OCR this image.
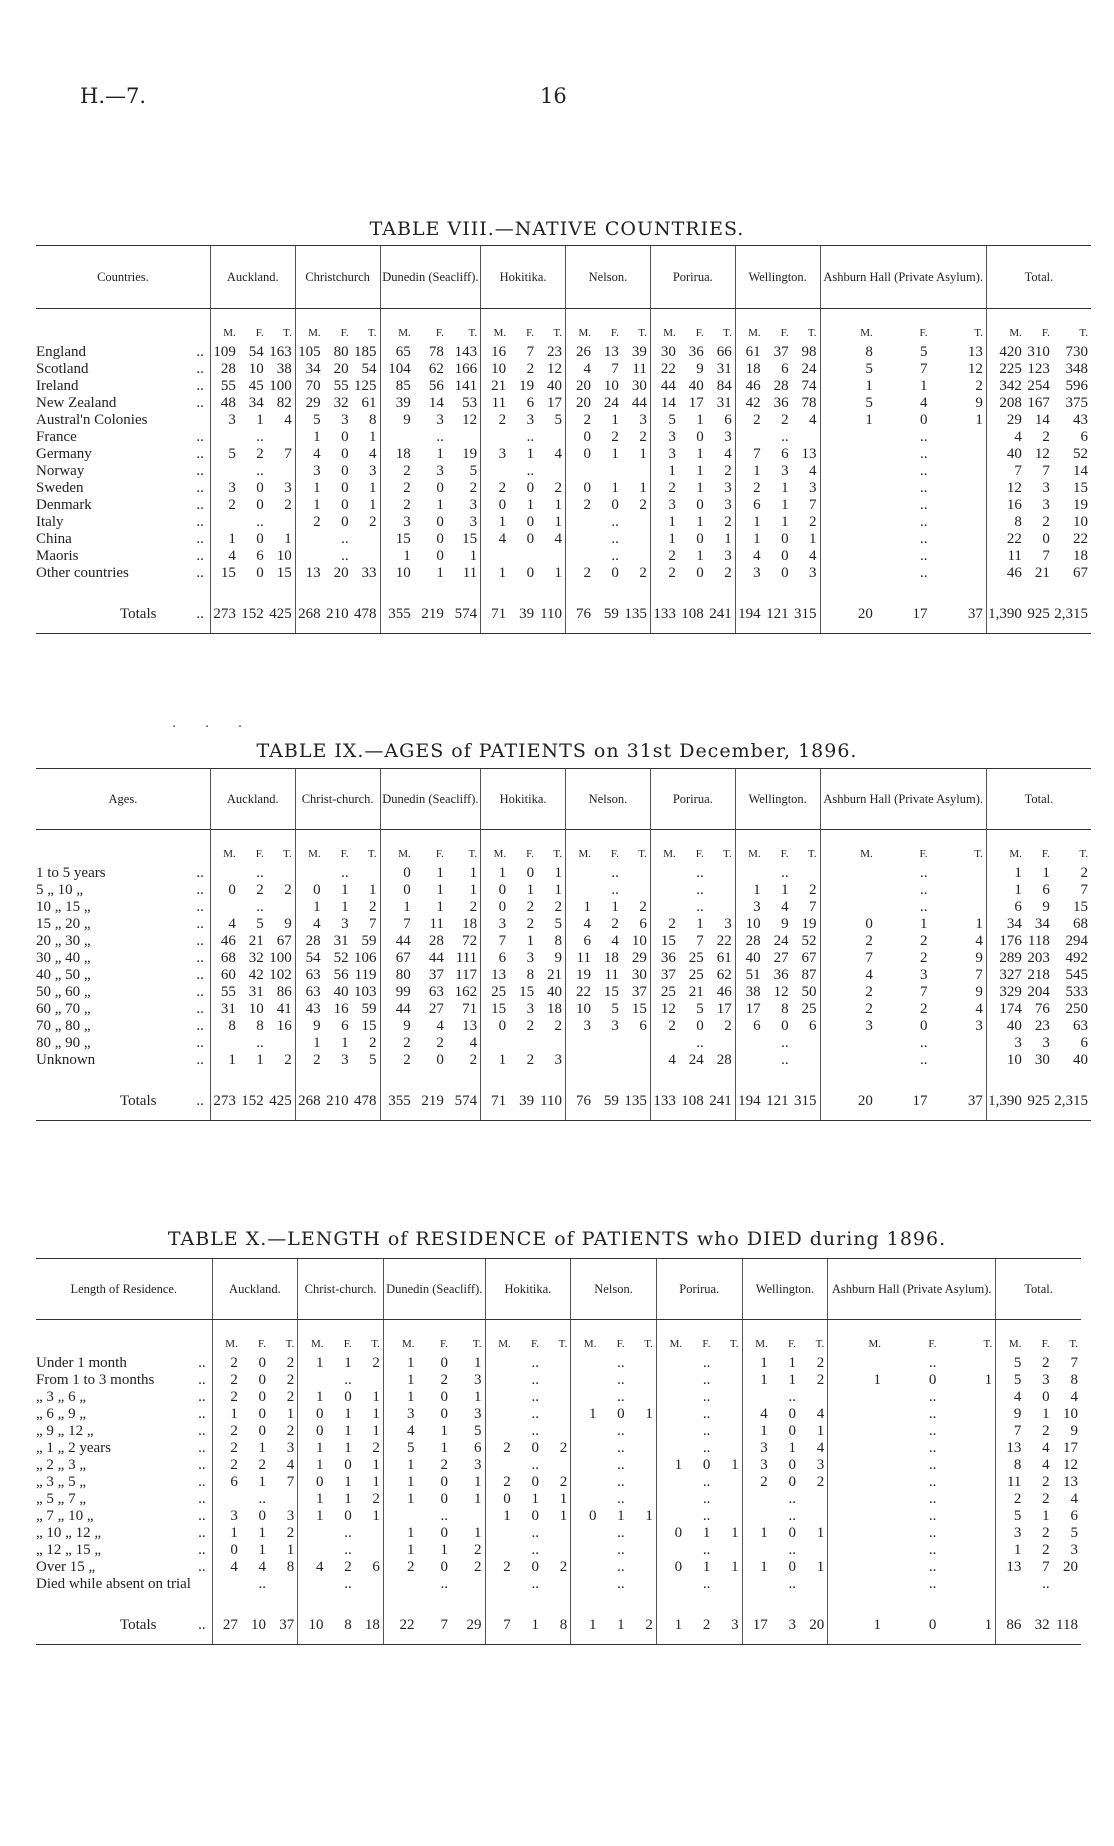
H.—7.	16
TABLE VIII.—NATIVE COUNTRIES.
Countries.	Auckland.			Christchurch			Dunedin (Seacliff).			Hokitika.			Nelson.			Porirua.			Wellington.			Ashburn Hall (Private Asylum).			Total.		
	M.	F.	T.	M.	F.	T.	M.	F.	T.	M.	F.	T.	M.	F.	T.	M.	F.	T.	M.	F.	T.	M.	F.	T.	M.	F.	T.
England ..	109	54	163	105	80	185	65	78	143	16	7	23	26	13	39	30	36	66	61	37	98	8	5	13	420	310	730
Scotland ..	28	10	38	34	20	54	104	62	166	10	2	12	4	7	11	22	9	31	18	6	24	5	7	12	225	123	348
Ireland ..	55	45	100	70	55	125	85	56	141	21	19	40	20	10	30	44	40	84	46	28	74	1	1	2	342	254	596
New Zealand ..	48	34	82	29	32	61	39	14	53	11	6	17	20	24	44	14	17	31	42	36	78	5	4	9	208	167	375
Austral'n Colonies	3	1	4	5	3	8	9	3	12	2	3	5	2	1	3	5	1	6	2	2	4	1	0	1	29	14	43
France ..		..		1	0	1		..			..		0	2	2	3	0	3		..			..		4	2	6
Germany ..	5	2	7	4	0	4	18	1	19	3	1	4	0	1	1	3	1	4	7	6	13		..		40	12	52
Norway ..		..		3	0	3	2	3	5		..					1	1	2	1	3	4		..		7	7	14
Sweden ..	3	0	3	1	0	1	2	0	2	2	0	2	0	1	1	2	1	3	2	1	3		..		12	3	15
Denmark ..	2	0	2	1	0	1	2	1	3	0	1	1	2	0	2	3	0	3	6	1	7		..		16	3	19
Italy ..		..		2	0	2	3	0	3	1	0	1		..		1	1	2	1	1	2		..		8	2	10
China ..	1	0	1		..		15	0	15	4	0	4		..		1	0	1	1	0	1		..		22	0	22
Maoris ..	4	6	10		..		1	0	1					..		2	1	3	4	0	4		..		11	7	18
Other countries ..	15	0	15	13	20	33	10	1	11	1	0	1	2	0	2	2	0	2	3	0	3		..		46	21	67
Totals ..	273	152	425	268	210	478	355	219	574	71	39	110	76	59	135	133	108	241	194	121	315	20	17	37	1,390	925	2,315
. . .
TABLE IX.—AGES of PATIENTS on 31st December, 1896.
Ages.	Auckland.			Christ-church.			Dunedin (Seacliff).			Hokitika.			Nelson.			Porirua.			Wellington.			Ashburn Hall (Private Asylum).			Total.		
	M.	F.	T.	M.	F.	T.	M.	F.	T.	M.	F.	T.	M.	F.	T.	M.	F.	T.	M.	F.	T.	M.	F.	T.	M.	F.	T.
1 to 5 years ..		..			..		0	1	1	1	0	1		..			..			..			..		1	1	2
5 „ 10 „ ..	0	2	2	0	1	1	0	1	1	0	1	1		..			..		1	1	2		..		1	6	7
10 „ 15 „ ..		..		1	1	2	1	1	2	0	2	2	1	1	2		..		3	4	7		..		6	9	15
15 „ 20 „ ..	4	5	9	4	3	7	7	11	18	3	2	5	4	2	6	2	1	3	10	9	19	0	1	1	34	34	68
20 „ 30 „ ..	46	21	67	28	31	59	44	28	72	7	1	8	6	4	10	15	7	22	28	24	52	2	2	4	176	118	294
30 „ 40 „ ..	68	32	100	54	52	106	67	44	111	6	3	9	11	18	29	36	25	61	40	27	67	7	2	9	289	203	492
40 „ 50 „ ..	60	42	102	63	56	119	80	37	117	13	8	21	19	11	30	37	25	62	51	36	87	4	3	7	327	218	545
50 „ 60 „ ..	55	31	86	63	40	103	99	63	162	25	15	40	22	15	37	25	21	46	38	12	50	2	7	9	329	204	533
60 „ 70 „ ..	31	10	41	43	16	59	44	27	71	15	3	18	10	5	15	12	5	17	17	8	25	2	2	4	174	76	250
70 „ 80 „ ..	8	8	16	9	6	15	9	4	13	0	2	2	3	3	6	2	0	2	6	0	6	3	0	3	40	23	63
80 „ 90 „ ..		..		1	1	2	2	2	4								..			..			..		3	3	6
Unknown ..	1	1	2	2	3	5	2	0	2	1	2	3				4	24	28		..			..		10	30	40
Totals ..	273	152	425	268	210	478	355	219	574	71	39	110	76	59	135	133	108	241	194	121	315	20	17	37	1,390	925	2,315
TABLE X.—LENGTH of RESIDENCE of PATIENTS who DIED during 1896.
Length of Residence.	Auckland.			Christ-church.			Dunedin (Seacliff).			Hokitika.			Nelson.			Porirua.			Wellington.			Ashburn Hall (Private Asylum).			Total.		
	M.	F.	T.	M.	F.	T.	M.	F.	T.	M.	F.	T.	M.	F.	T.	M.	F.	T.	M.	F.	T.	M.	F.	T.	M.	F.	T.
Under 1 month ..	2	0	2	1	1	2	1	0	1		..			..			..		1	1	2		..		5	2	7
From 1 to 3 months ..	2	0	2		..		1	2	3		..			..			..		1	1	2	1	0	1	5	3	8
„ 3 „ 6 „ ..	2	0	2	1	0	1	1	0	1		..			..			..			..			..		4	0	4
„ 6 „ 9 „ ..	1	0	1	0	1	1	3	0	3		..		1	0	1		..		4	0	4		..		9	1	10
„ 9 „ 12 „ ..	2	0	2	0	1	1	4	1	5		..			..			..		1	0	1		..		7	2	9
„ 1 „ 2 years ..	2	1	3	1	1	2	5	1	6	2	0	2		..			..		3	1	4		..		13	4	17
„ 2 „ 3 „ ..	2	2	4	1	0	1	1	2	3		..			..		1	0	1	3	0	3		..		8	4	12
„ 3 „ 5 „ ..	6	1	7	0	1	1	1	0	1	2	0	2		..			..		2	0	2		..		11	2	13
„ 5 „ 7 „ ..		..		1	1	2	1	0	1	0	1	1		..			..			..			..		2	2	4
„ 7 „ 10 „ ..	3	0	3	1	0	1		..		1	0	1	0	1	1		..			..			..		5	1	6
„ 10 „ 12 „ ..	1	1	2		..		1	0	1		..			..		0	1	1	1	0	1		..		3	2	5
„ 12 „ 15 „ ..	0	1	1		..		1	1	2		..			..			..			..			..		1	2	3
Over 15 „ ..	4	4	8	4	2	6	2	0	2	2	0	2		..		0	1	1	1	0	1		..		13	7	20
Died while absent on trial		..			..			..			..			..			..			..			..			..	
Totals ..	27	10	37	10	8	18	22	7	29	7	1	8	1	1	2	1	2	3	17	3	20	1	0	1	86	32	118
